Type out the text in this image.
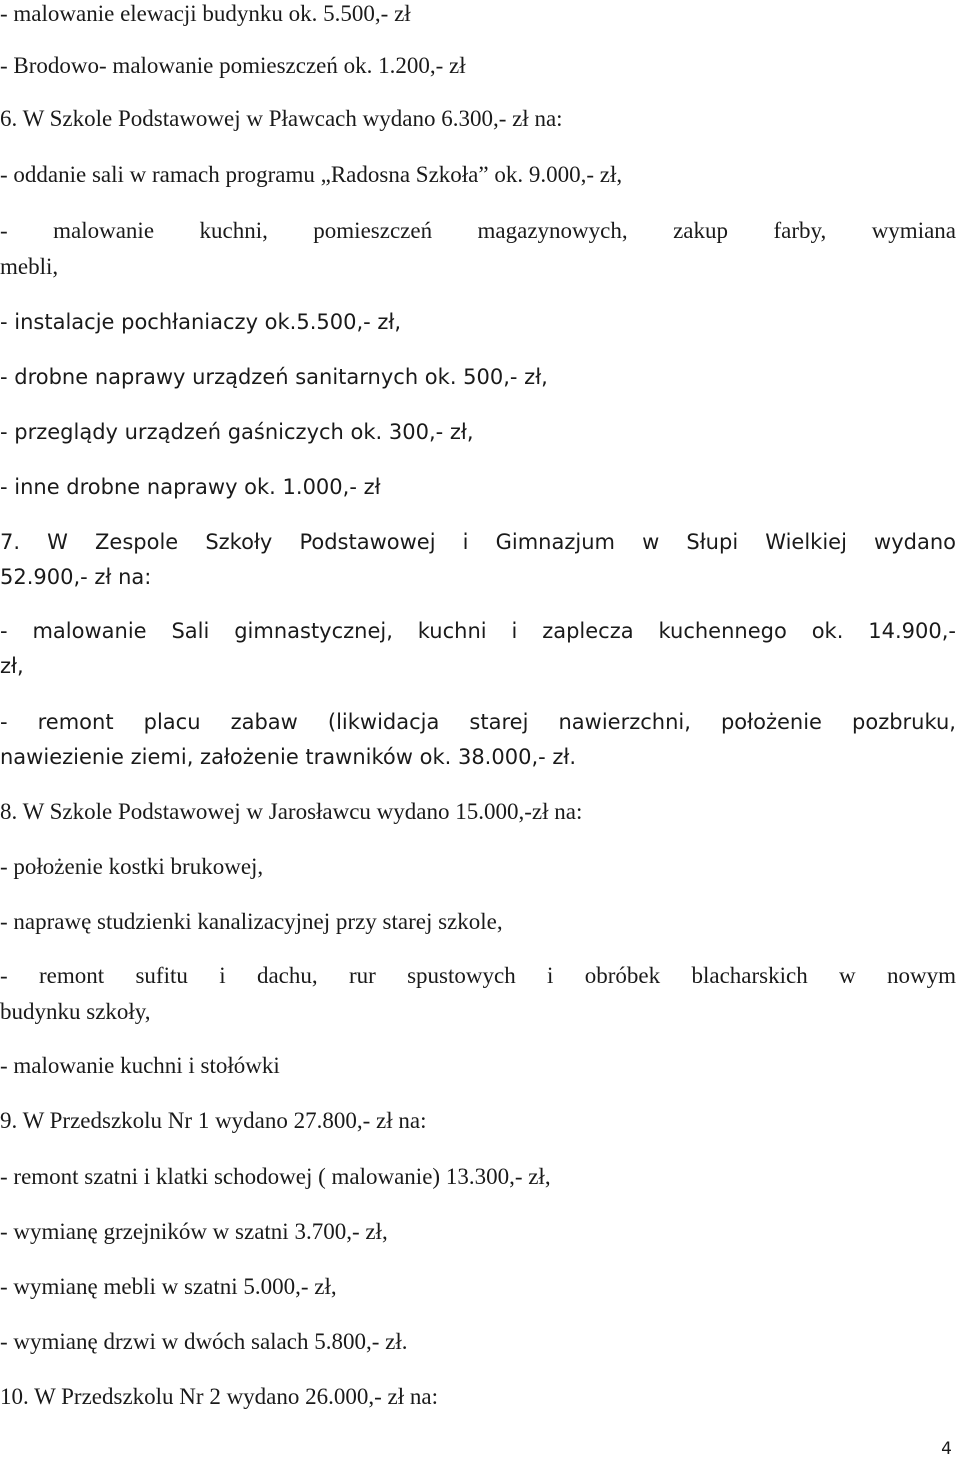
- malowanie elewacji budynku ok. 5.500,- zł

- Brodowo- malowanie pomieszczeń ok. 1.200,- zł

6. W Szkole Podstawowej w Pławcach wydano 6.300,- zł na:

- oddanie sali w ramach programu „Radosna Szkoła” ok. 9.000,- zł,

- malowanie kuchni, pomieszczeń magazynowych, zakup farby, wymiana

mebli,

- instalacje pochłaniaczy ok.5.500,- zł,

- drobne naprawy urządzeń sanitarnych ok. 500,- zł,

- przeglądy urządzeń gaśniczych ok. 300,- zł,

- inne drobne naprawy ok. 1.000,- zł

7. W Zespole Szkoły Podstawowej i Gimnazjum w Słupi Wielkiej wydano

52.900,- zł na:

- malowanie Sali gimnastycznej, kuchni i zaplecza kuchennego ok. 14.900,-

zł,

- remont placu zabaw (likwidacja starej nawierzchni, położenie pozbruku,

nawiezienie ziemi, założenie trawników ok. 38.000,- zł.

8. W Szkole Podstawowej w Jarosławcu wydano 15.000,-zł na:

- położenie kostki brukowej,

- naprawę studzienki kanalizacyjnej przy starej szkole,

- remont sufitu i dachu, rur spustowych i obróbek blacharskich w nowym

budynku szkoły,

- malowanie kuchni i stołówki

9. W Przedszkolu Nr 1 wydano 27.800,- zł na:

- remont szatni i klatki schodowej ( malowanie) 13.300,- zł,

- wymianę grzejników w szatni 3.700,- zł,

- wymianę mebli w szatni 5.000,- zł,

- wymianę drzwi w dwóch salach 5.800,- zł.

10. W Przedszkolu Nr 2 wydano 26.000,- zł na:

4
